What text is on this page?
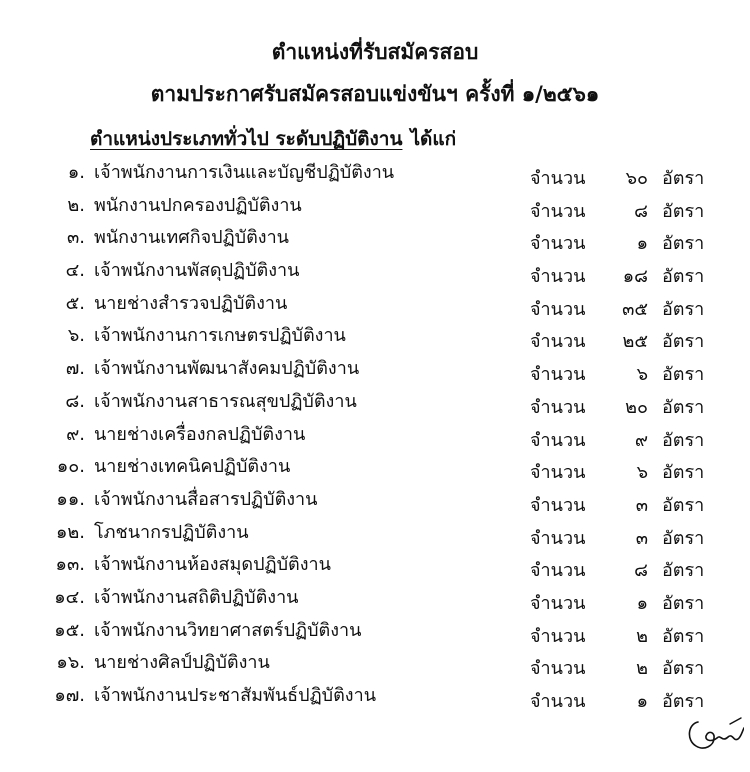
ตำแหน่งที่รับสมัครสอบ
ตามประกาศรับสมัครสอบแข่งขันฯ ครั้งที่ ๑/๒๕๖๑
ตำแหน่งประเภททั่วไป ระดับปฏิบัติงาน ได้แก่
๑. เจ้าพนักงานการเงินและบัญชีปฏิบัติงาน	จำนวน	๖๐ อัตรา
๒. พนักงานปกครองปฏิบัติงาน	จำนวน	๘ อัตรา
๓. พนักงานเทศกิจปฏิบัติงาน	จำนวน	๑ อัตรา
๔. เจ้าพนักงานพัสดุปฏิบัติงาน	จำนวน	๑๘ อัตรา
๕. นายช่างสำรวจปฏิบัติงาน	จำนวน	๓๕ อัตรา
๖. เจ้าพนักงานการเกษตรปฏิบัติงาน	จำนวน	๒๕ อัตรา
๗. เจ้าพนักงานพัฒนาสังคมปฏิบัติงาน	จำนวน	๖ อัตรา
๘. เจ้าพนักงานสาธารณสุขปฏิบัติงาน	จำนวน	๒๐ อัตรา
๙. นายช่างเครื่องกลปฏิบัติงาน	จำนวน	๙ อัตรา
๑๐. นายช่างเทคนิคปฏิบัติงาน	จำนวน	๖ อัตรา
๑๑. เจ้าพนักงานสื่อสารปฏิบัติงาน	จำนวน	๓ อัตรา
๑๒. โภชนากรปฏิบัติงาน	จำนวน	๓ อัตรา
๑๓. เจ้าพนักงานห้องสมุดปฏิบัติงาน	จำนวน	๘ อัตรา
๑๔. เจ้าพนักงานสถิติปฏิบัติงาน	จำนวน	๑ อัตรา
๑๕. เจ้าพนักงานวิทยาศาสตร์ปฏิบัติงาน	จำนวน	๒ อัตรา
๑๖. นายช่างศิลป์ปฏิบัติงาน	จำนวน	๒ อัตรา
๑๗. เจ้าพนักงานประชาสัมพันธ์ปฏิบัติงาน	จำนวน	๑ อัตรา
